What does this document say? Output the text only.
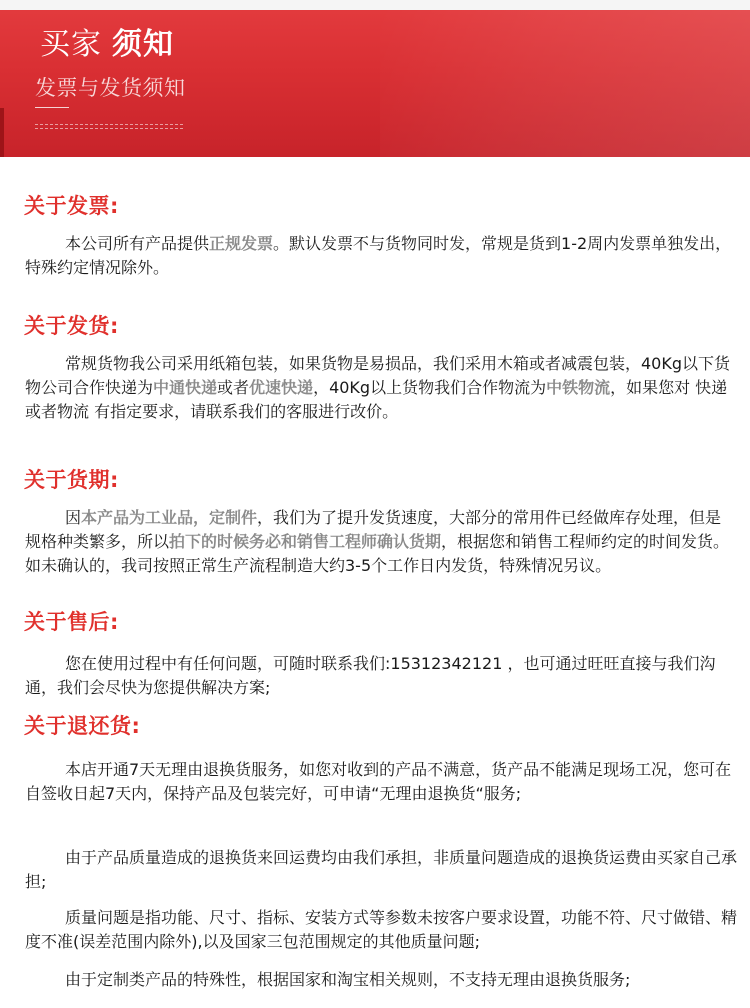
买家 须知
发票与发货须知
关于发票:

本公司所有产品提供正规发票。默认发票不与货物同时发，常规是货到1-2周内发票单独发出，特殊约定情况除外。

关于发货:

常规货物我公司采用纸箱包装，如果货物是易损品，我们采用木箱或者减震包装，40Kg以下货物公司合作快递为中通快递或者优速快递，40Kg以上货物我们合作物流为中铁物流，如果您对 快递或者物流 有指定要求，请联系我们的客服进行改价。

关于货期:

因本产品为工业品，定制件，我们为了提升发货速度，大部分的常用件已经做库存处理，但是规格种类繁多，所以拍下的时候务必和销售工程师确认货期，根据您和销售工程师约定的时间发货。如未确认的，我司按照正常生产流程制造大约3-5个工作日内发货，特殊情况另议。

关于售后:

您在使用过程中有任何问题，可随时联系我们:15312342121 ，也可通过旺旺直接与我们沟通，我们会尽快为您提供解决方案;

关于退还货:

本店开通7天无理由退换货服务，如您对收到的产品不满意，货产品不能满足现场工况，您可在自签收日起7天内，保持产品及包装完好，可申请“无理由退换货“服务;

由于产品质量造成的退换货来回运费均由我们承担，非质量问题造成的退换货运费由买家自己承担;

质量问题是指功能、尺寸、指标、安装方式等参数未按客户要求设置，功能不符、尺寸做错、精度不准(误差范围内除外),以及国家三包范围规定的其他质量问题;

由于定制类产品的特殊性，根据国家和淘宝相关规则，不支持无理由退换货服务;
